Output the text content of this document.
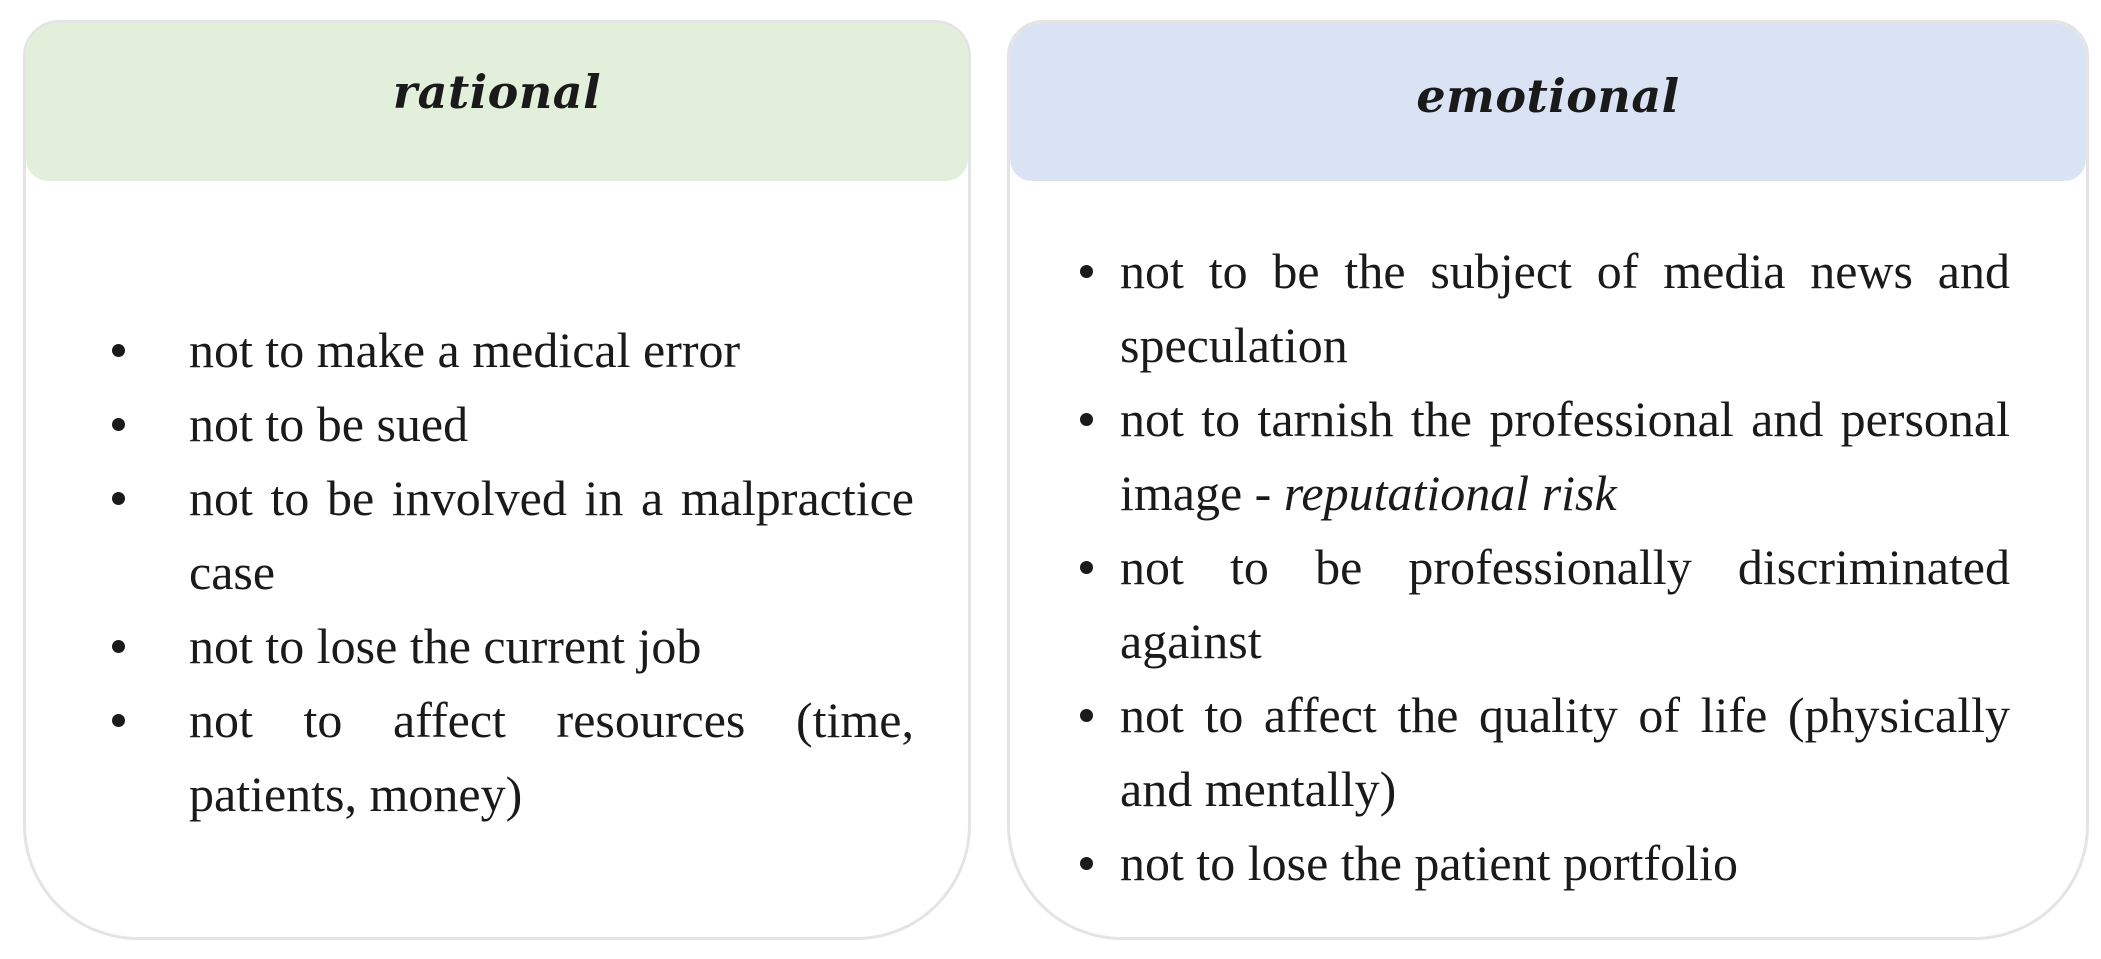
rational
not to make a medical error
not to be sued
not to be involved in a malpractice case
not to lose the current job
not to affect resources (time, patients, money)
emotional
not to be the subject of media news and speculation
not to tarnish the professional and personal image - reputational risk
not to be professionally discriminated against
not to affect the quality of life (physically and mentally)
not to lose the patient portfolio
